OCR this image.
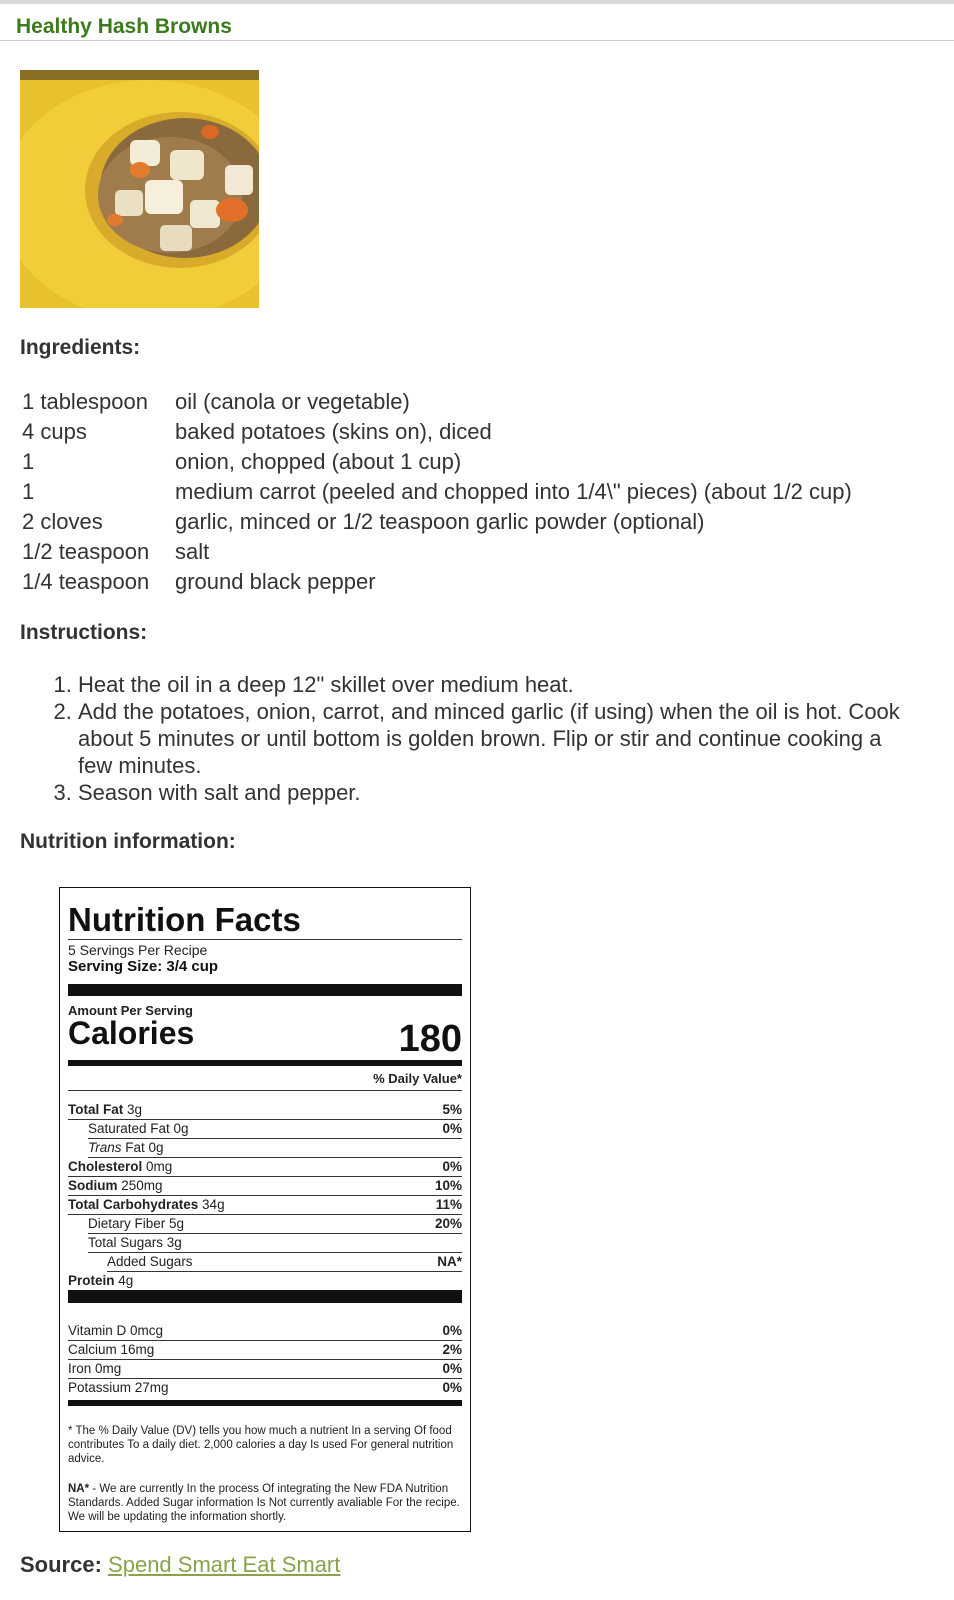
Healthy Hash Browns
Ingredients:
1 tablespoon	oil (canola or vegetable)
4 cups	baked potatoes (skins on), diced
1	onion, chopped (about 1 cup)
1	medium carrot (peeled and chopped into 1/4\" pieces) (about 1/2 cup)
2 cloves	garlic, minced or 1/2 teaspoon garlic powder (optional)
1/2 teaspoon	salt
1/4 teaspoon	ground black pepper
Instructions:
1. Heat the oil in a deep 12" skillet over medium heat.
2. Add the potatoes, onion, carrot, and minced garlic (if using) when the oil is hot. Cook about 5 minutes or until bottom is golden brown. Flip or stir and continue cooking a few minutes.
3. Season with salt and pepper.
Nutrition information:
Nutrition Facts
5 Servings Per Recipe
Serving Size: 3/4 cup
Amount Per Serving
Calories	180
% Daily Value*
Total Fat 3g	5%
Saturated Fat 0g	0%
Trans Fat 0g
Cholesterol 0mg	0%
Sodium 250mg	10%
Total Carbohydrates 34g	11%
Dietary Fiber 5g	20%
Total Sugars 3g
Added Sugars	NA*
Protein 4g
Vitamin D 0mcg	0%
Calcium 16mg	2%
Iron 0mg	0%
Potassium 27mg	0%
* The % Daily Value (DV) tells you how much a nutrient In a serving Of food contributes To a daily diet. 2,000 calories a day Is used For general nutrition advice.
NA* - We are currently In the process Of integrating the New FDA Nutrition Standards. Added Sugar information Is Not currently avaliable For the recipe. We will be updating the information shortly.
Source: Spend Smart Eat Smart
